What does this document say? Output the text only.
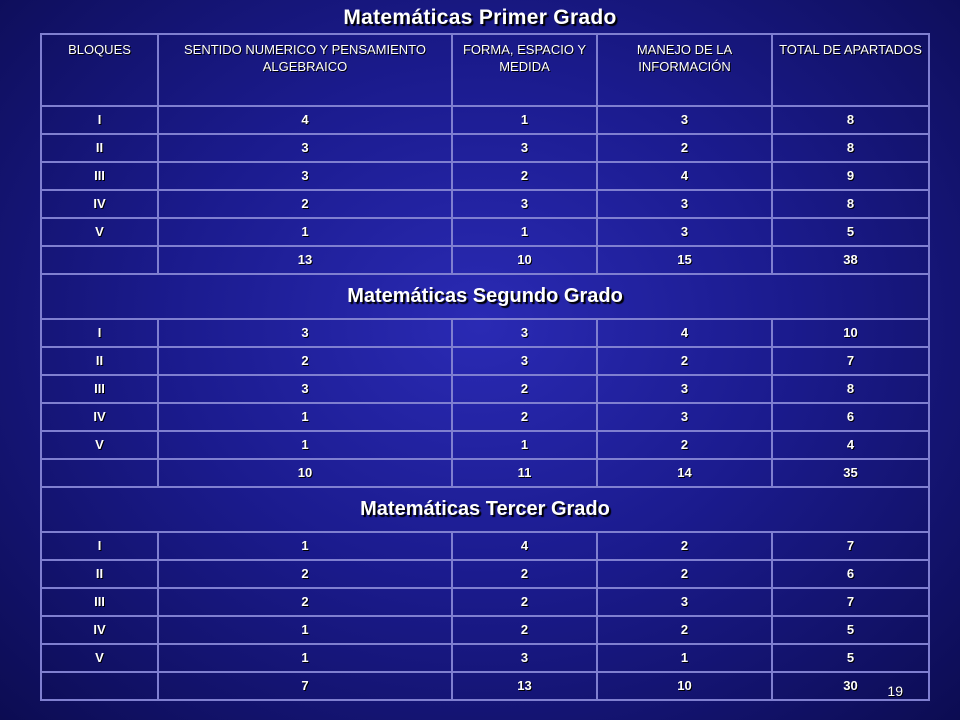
Matemáticas Primer Grado
BLOQUES	SENTIDO NUMERICO Y PENSAMIENTO ALGEBRAICO	FORMA, ESPACIO Y MEDIDA	MANEJO DE LA INFORMACIÓN	TOTAL DE APARTADOS
I	4	1	3	8
II	3	3	2	8
III	3	2	4	9
IV	2	3	3	8
V	1	1	3	5
	13	10	15	38
Matemáticas Segundo Grado				
I	3	3	4	10
II	2	3	2	7
III	3	2	3	8
IV	1	2	3	6
V	1	1	2	4
	10	11	14	35
Matemáticas Tercer Grado				
I	1	4	2	7
II	2	2	2	6
III	2	2	3	7
IV	1	2	2	5
V	1	3	1	5
	7	13	10	30 19
